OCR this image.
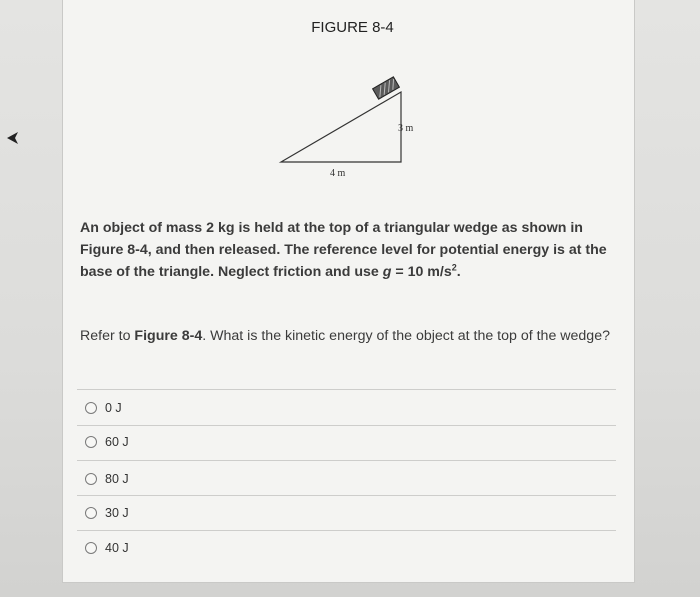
FIGURE 8-4
3 m
4 m
An object of mass 2 kg is held at the top of a triangular wedge as shown in Figure 8-4, and then released. The reference level for potential energy is at the base of the triangle. Neglect friction and use g = 10 $m/s^2$.
Refer to Figure 8-4. What is the kinetic energy of the object at the top of the wedge?
0 J
60 J
80 J
30 J
40 J
